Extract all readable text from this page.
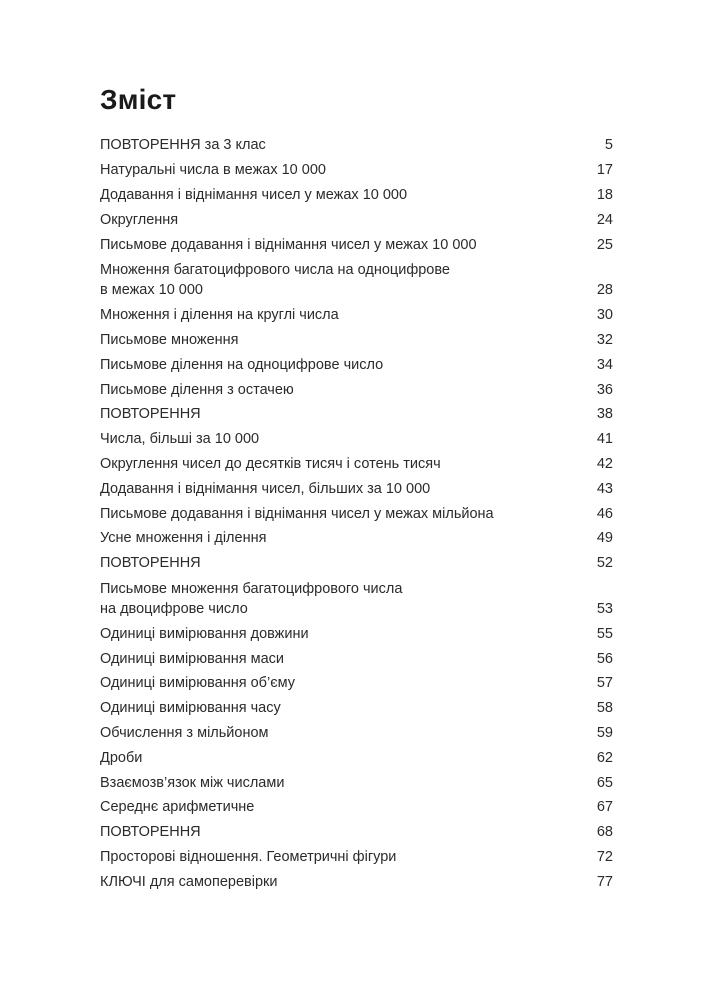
Зміст
ПОВТОРЕННЯ за 3 клас	5
Натуральні числа в межах 10 000	17
Додавання і віднімання чисел у межах 10 000	18
Округлення	24
Письмове додавання і віднімання чисел у межах 10 000	25
Множення багатоцифрового числа на одноцифрове
в межах 10 000	28
Множення і ділення на круглі числа	30
Письмове множення	32
Письмове ділення на одноцифрове число	34
Письмове ділення з остачею	36
ПОВТОРЕННЯ	38
Числа, більші за 10 000	41
Округлення чисел до десятків тисяч і сотень тисяч	42
Додавання і віднімання чисел, більших за 10 000	43
Письмове додавання і віднімання чисел у межах мільйона	46
Усне множення і ділення	49
ПОВТОРЕННЯ	52
Письмове множення багатоцифрового числа
на двоцифрове число	53
Одиниці вимірювання довжини	55
Одиниці вимірювання маси	56
Одиниці вимірювання об’єму	57
Одиниці вимірювання часу	58
Обчислення з мільйоном	59
Дроби	62
Взаємозв’язок між числами	65
Середнє арифметичне	67
ПОВТОРЕННЯ	68
Просторові відношення. Геометричні фігури	72
КЛЮЧІ для самоперевірки	77
